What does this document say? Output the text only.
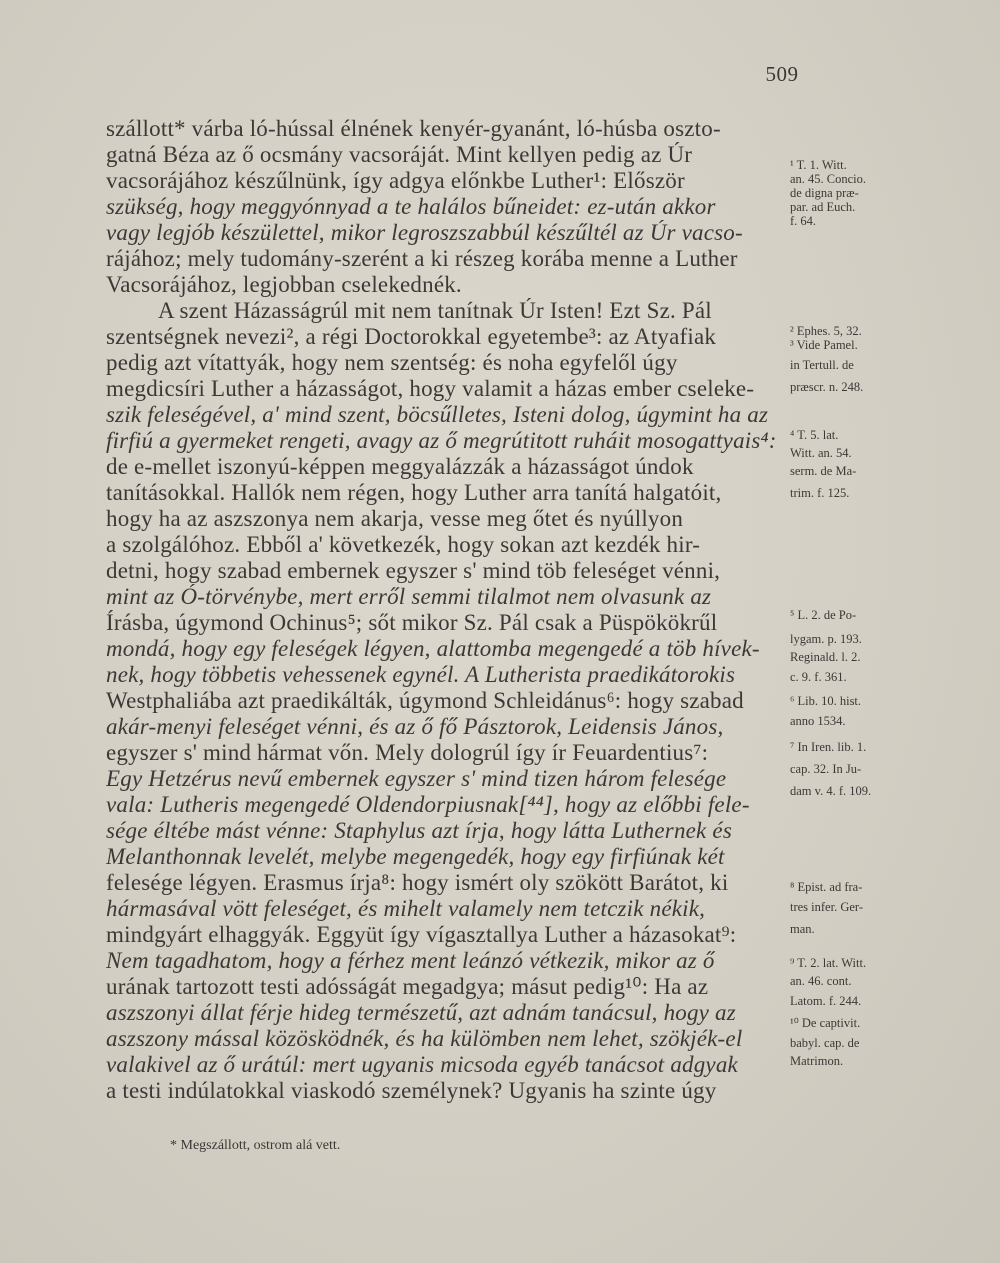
509
szállott* várba ló-hússal élnének kenyér-gyanánt, ló-húsba oszto-
gatná Béza az ő ocsmány vacsoráját. Mint kellyen pedig az Úr
vacsorájához készűlnünk, így adgya előnkbe Luther¹: Először
szükség, hogy meggyónnyad a te halálos bűneidet: ez-után akkor
vagy legjób készülettel, mikor legroszszabbúl készűltél az Úr vacso-
rájához; mely tudomány-szerént a ki részeg korába menne a Luther
Vacsorájához, legjobban cselekednék.
A szent Házasságrúl mit nem tanítnak Úr Isten! Ezt Sz. Pál
szentségnek nevezi², a régi Doctorokkal egyetembe³: az Atyafiak
pedig azt vítattyák, hogy nem szentség: és noha egyfelől úgy
megdicsíri Luther a házasságot, hogy valamit a házas ember cseleke-
szik feleségével, a' mind szent, böcsűlletes, Isteni dolog, úgymint ha az
firfiú a gyermeket rengeti, avagy az ő megrútitott ruháit mosogattyais⁴:
de e-mellet iszonyú-képpen meggyalázzák a házasságot úndok
tanításokkal. Hallók nem régen, hogy Luther arra tanítá halgatóit,
hogy ha az aszszonya nem akarja, vesse meg őtet és nyúllyon
a szolgálóhoz. Ebből a' következék, hogy sokan azt kezdék hir-
detni, hogy szabad embernek egyszer s' mind töb feleséget vénni,
mint az Ó-törvénybe, mert erről semmi tilalmot nem olvasunk az
Írásba, úgymond Ochinus⁵; sőt mikor Sz. Pál csak a Püspökökrűl
mondá, hogy egy feleségek légyen, alattomba megengedé a töb hívek-
nek, hogy többetis vehessenek egynél. A Lutherista praedikátorokis
Westphaliába azt praedikálták, úgymond Schleidánus⁶: hogy szabad
akár-menyi feleséget vénni, és az ő fő Pásztorok, Leidensis János,
egyszer s' mind hármat vőn. Mely dologrúl így ír Feuardentius⁷:
Egy Hetzérus nevű embernek egyszer s' mind tizen három felesége
vala: Lutheris megengedé Oldendorpiusnak[⁴⁴], hogy az előbbi fele-
sége éltébe mást vénne: Staphylus azt írja, hogy látta Luthernek és
Melanthonnak levelét, melybe megengedék, hogy egy firfiúnak két
felesége légyen. Erasmus írja⁸: hogy ismért oly szökött Barátot, ki
hármasával vött feleséget, és mihelt valamely nem tetczik nékik,
mindgyárt elhaggyák. Eggyüt így vígasztallya Luther a házasokat⁹:
Nem tagadhatom, hogy a férhez ment leánzó vétkezik, mikor az ő
urának tartozott testi adósságát megadgya; másut pedig¹⁰: Ha az
aszszonyi állat férje hideg természetű, azt adnám tanácsul, hogy az
aszszony mással közösködnék, és ha külömben nem lehet, szökjék-el
valakivel az ő urátúl: mert ugyanis micsoda egyéb tanácsot adgyak
a testi indúlatokkal viaskodó személynek? Ugyanis ha szinte úgy
¹ T. 1. Witt.
an. 45. Concio.
de digna præ-
par. ad Euch.
f. 64.
² Ephes. 5, 32.
³ Vide Pamel.
in Tertull. de
præscr. n. 248.
⁴ T. 5. lat.
Witt. an. 54.
serm. de Ma-
trim. f. 125.
⁵ L. 2. de Po-
lygam. p. 193.
Reginald. l. 2.
c. 9. f. 361.
⁶ Lib. 10. hist.
anno 1534.
⁷ In Iren. lib. 1.
cap. 32. In Ju-
dam v. 4. f. 109.
⁸ Epist. ad fra-
tres infer. Ger-
man.
⁹ T. 2. lat. Witt.
an. 46. cont.
Latom. f. 244.
¹⁰ De captivit.
babyl. cap. de
Matrimon.
* Megszállott, ostrom alá vett.
